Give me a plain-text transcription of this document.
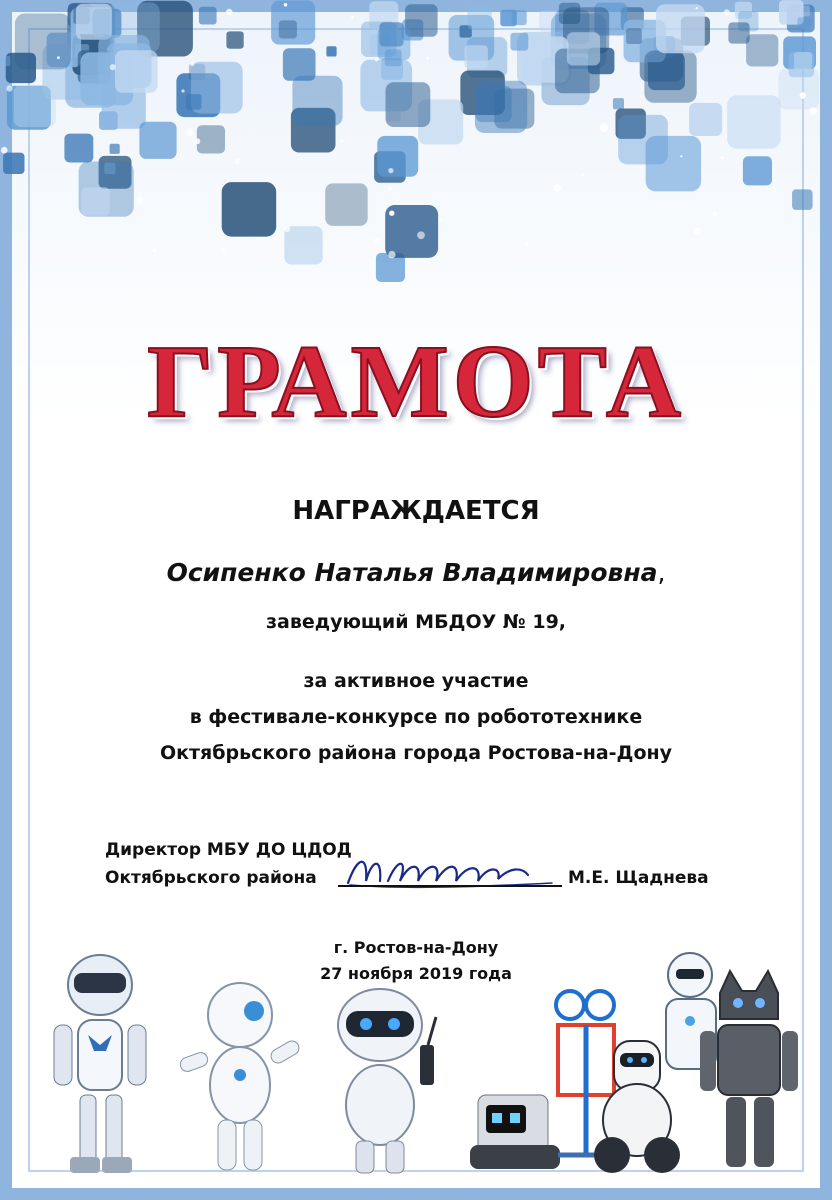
ГРАМОТА
НАГРАЖДАЕТСЯ
Осипенко Наталья Владимировна,
заведующий МБДОУ № 19,
за активное участие
в фестивале-конкурсе по робототехнике
Октябрьского района города Ростова-на-Дону
Директор МБУ ДО ЦДОД
Октябрьского района	М.Е. Щаднева
г. Ростов-на-Дону
27 ноября 2019 года
